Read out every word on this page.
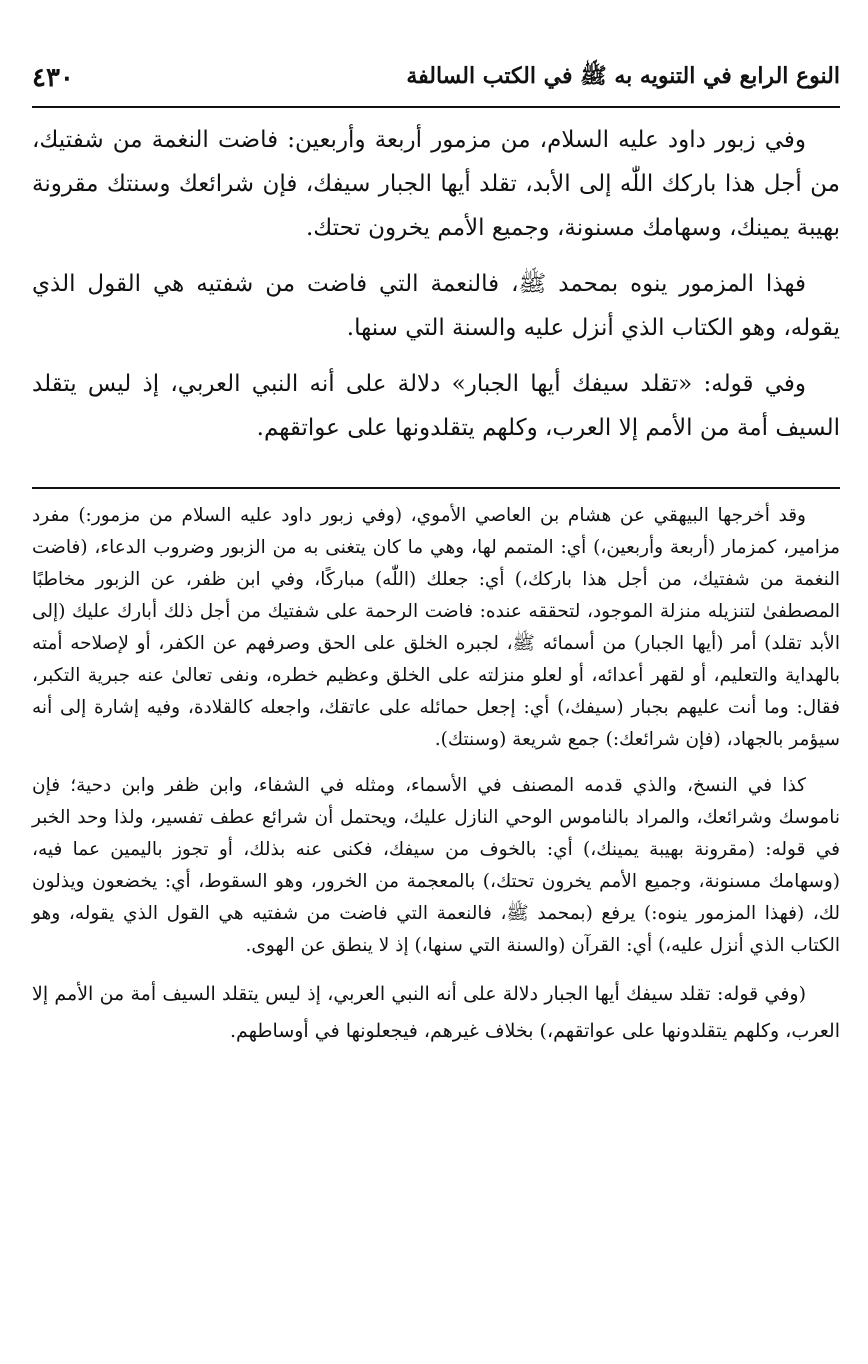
النوع الرابع في التنويه به ﷺ في الكتب السالفة
٤٣٠

وفي زبور داود عليه السلام، من مزمور أربعة وأربعين: فاضت النغمة من شفتيك، من أجل هذا باركك اللّٰه إلى الأبد، تقلد أيها الجبار سيفك، فإن شرائعك وسنتك مقرونة بهيبة يمينك، وسهامك مسنونة، وجميع الأمم يخرون تحتك.

فهذا المزمور ينوه بمحمد ﷺ، فالنعمة التي فاضت من شفتيه هي القول الذي يقوله، وهو الكتاب الذي أنزل عليه والسنة التي سنها.

وفي قوله: «تقلد سيفك أيها الجبار» دلالة على أنه النبي العربي، إذ ليس يتقلد السيف أمة من الأمم إلا العرب، وكلهم يتقلدونها على عواتقهم.

وقد أخرجها البيهقي عن هشام بن العاصي الأموي، (وفي زبور داود عليه السلام من مزمور:) مفرد مزامير، كمزمار (أربعة وأربعين،) أي: المتمم لها، وهي ما كان يتغنى به من الزبور وضروب الدعاء، (فاضت النغمة من شفتيك، من أجل هذا باركك،) أي: جعلك (اللّٰه) مباركًا، وفي ابن ظفر، عن الزبور مخاطبًا المصطفىٰ لتنزيله منزلة الموجود، لتحققه عنده: فاضت الرحمة على شفتيك من أجل ذلك أبارك عليك (إلى الأبد تقلد) أمر (أيها الجبار) من أسمائه ﷺ، لجبره الخلق على الحق وصرفهم عن الكفر، أو لإصلاحه أمته بالهداية والتعليم، أو لقهر أعدائه، أو لعلو منزلته على الخلق وعظيم خطره، ونفى تعالىٰ عنه جبرية التكبر، فقال: وما أنت عليهم بجبار (سيفك،) أي: إجعل حمائله على عاتقك، واجعله كالقلادة، وفيه إشارة إلى أنه سيؤمر بالجهاد، (فإن شرائعك:) جمع شريعة (وسنتك).

كذا في النسخ، والذي قدمه المصنف في الأسماء، ومثله في الشفاء، وابن ظفر وابن دحية؛ فإن ناموسك وشرائعك، والمراد بالناموس الوحي النازل عليك، ويحتمل أن شرائع عطف تفسير، ولذا وحد الخبر في قوله: (مقرونة بهيبة يمينك،) أي: بالخوف من سيفك، فكنى عنه بذلك، أو تجوز باليمين عما فيه، (وسهامك مسنونة، وجميع الأمم يخرون تحتك،) بالمعجمة من الخرور، وهو السقوط، أي: يخضعون ويذلون لك، (فهذا المزمور ينوه:) يرفع (بمحمد ﷺ، فالنعمة التي فاضت من شفتيه هي القول الذي يقوله، وهو الكتاب الذي أنزل عليه،) أي: القرآن (والسنة التي سنها،) إذ لا ينطق عن الهوى.

(وفي قوله: تقلد سيفك أيها الجبار دلالة على أنه النبي العربي، إذ ليس يتقلد السيف أمة من الأمم إلا العرب، وكلهم يتقلدونها على عواتقهم،) بخلاف غيرهم، فيجعلونها في أوساطهم.
